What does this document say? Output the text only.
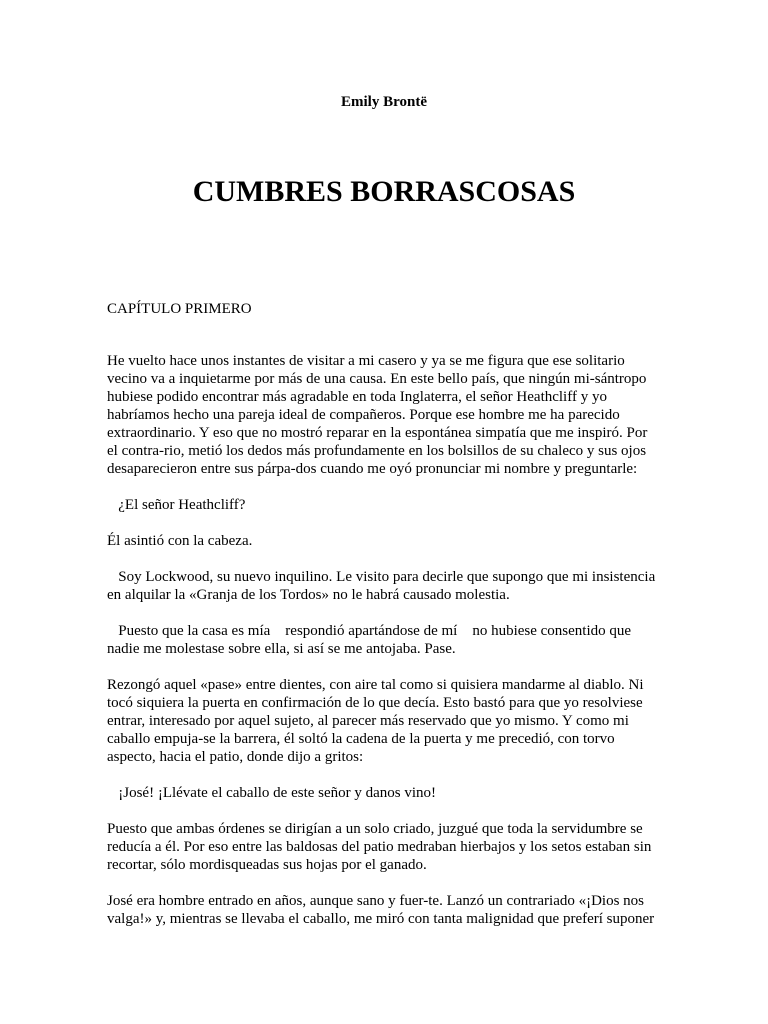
Emily Brontë
CUMBRES BORRASCOSAS
CAPÍTULO PRIMERO
He vuelto hace unos instantes de visitar a mi casero y ya se me figura que ese solitario
vecino va a inquietarme por más de una causa. En este bello país, que ningún mi-sántropo
hubiese podido encontrar más agradable en toda Inglaterra, el señor Heathcliff y yo
habríamos hecho una pareja ideal de compañeros. Porque ese hombre me ha parecido
extraordinario. Y eso que no mostró reparar en la espontánea simpatía que me inspiró. Por
el contra-rio, metió los dedos más profundamente en los bolsillos de su chaleco y sus ojos
desaparecieron entre sus párpa-dos cuando me oyó pronunciar mi nombre y preguntarle:
¿El señor Heathcliff?
Él asintió con la cabeza.
Soy Lockwood, su nuevo inquilino. Le visito para decirle que supongo que mi insistencia
en alquilar la «Granja de los Tordos» no le habrá causado molestia.
Puesto que la casa es mía    respondió apartándose de mí    no hubiese consentido que
nadie me molestase sobre ella, si así se me antojaba. Pase.
Rezongó aquel «pase» entre dientes, con aire tal como si quisiera mandarme al diablo. Ni
tocó siquiera la puerta en confirmación de lo que decía. Esto bastó para que yo resolviese
entrar, interesado por aquel sujeto, al parecer más reservado que yo mismo. Y como mi
caballo empuja-se la barrera, él soltó la cadena de la puerta y me precedió, con torvo
aspecto, hacia el patio, donde dijo a gritos:
¡José! ¡Llévate el caballo de este señor y danos vino!
Puesto que ambas órdenes se dirigían a un solo criado, juzgué que toda la servidumbre se
reducía a él. Por eso entre las baldosas del patio medraban hierbajos y los setos estaban sin
recortar, sólo mordisqueadas sus hojas por el ganado.
José era hombre entrado en años, aunque sano y fuer-te. Lanzó un contrariado «¡Dios nos
valga!» y, mientras se llevaba el caballo, me miró con tanta malignidad que preferí suponer
